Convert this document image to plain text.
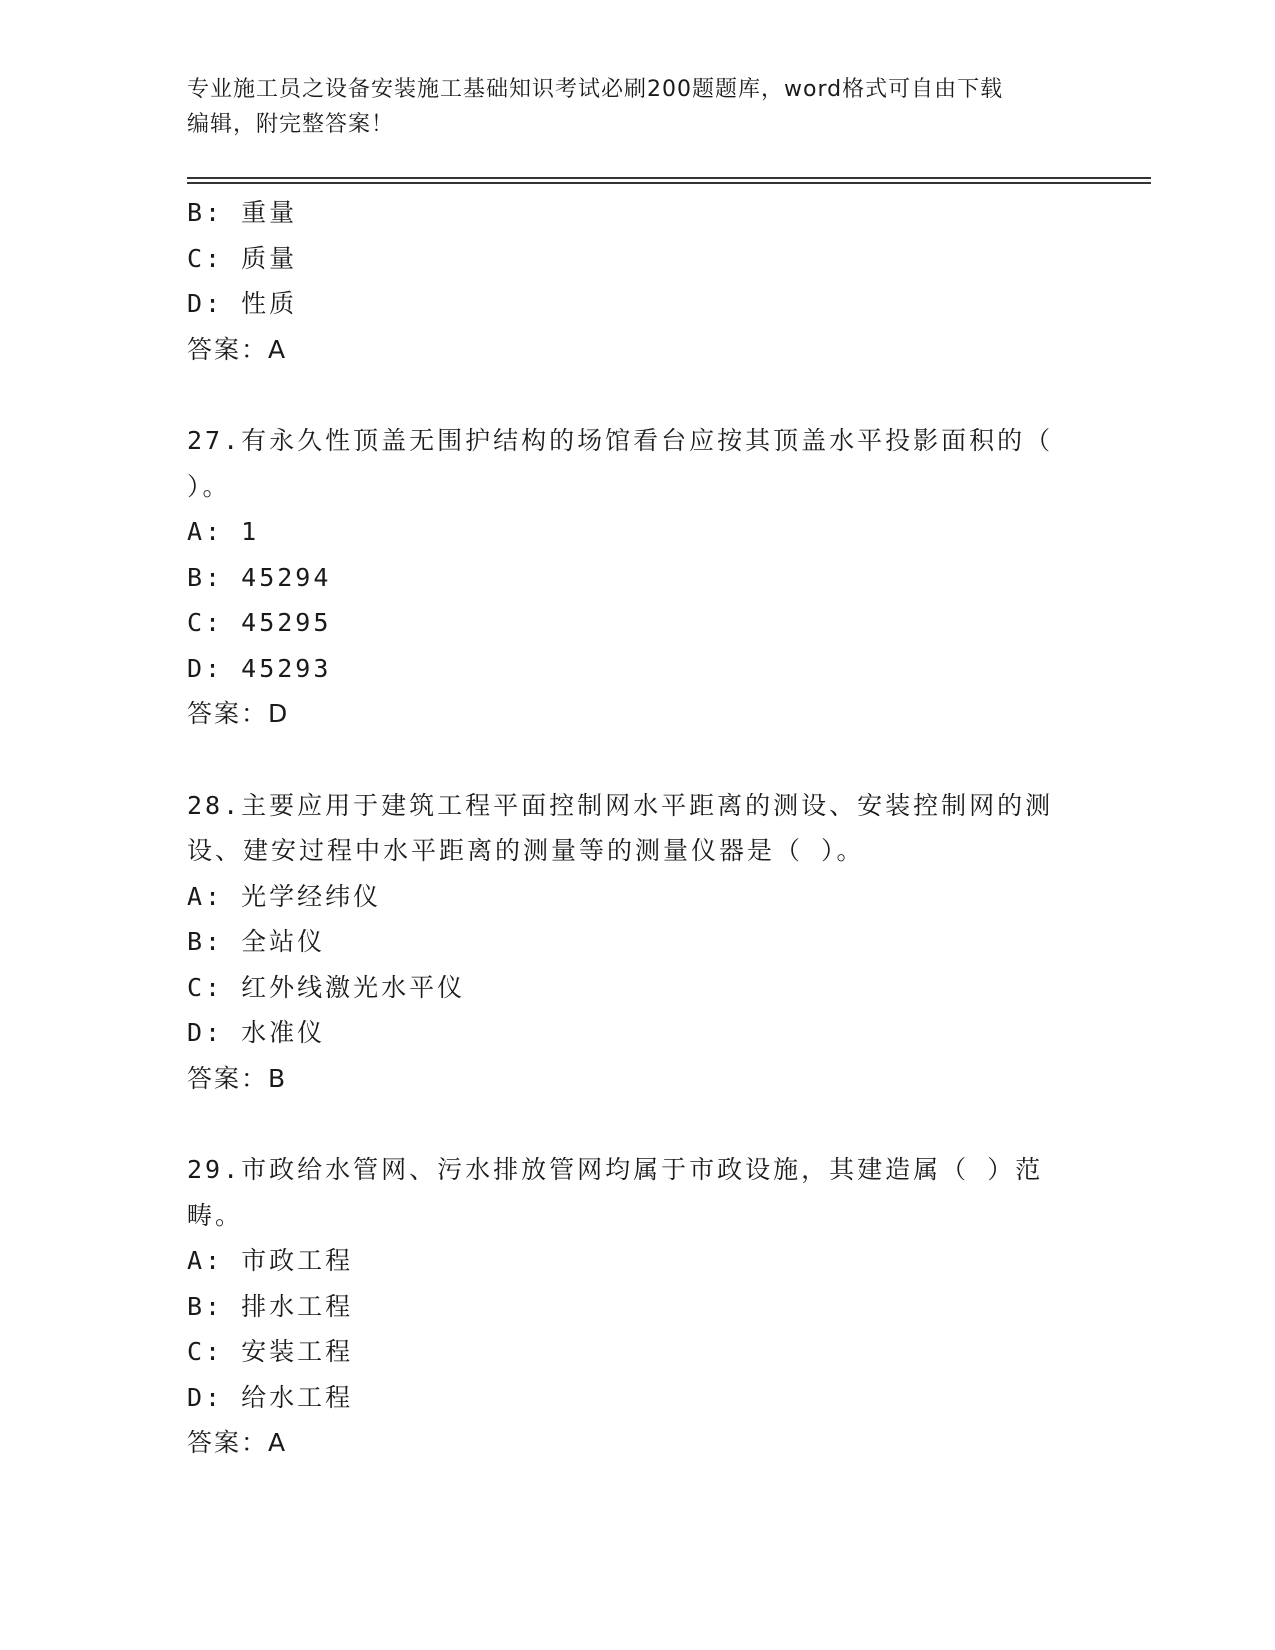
专业施工员之设备安装施工基础知识考试必刷200题题库，word格式可自由下载
编辑，附完整答案！
B: 重量
C: 质量
D: 性质
答案：A
27.有永久性顶盖无围护结构的场馆看台应按其顶盖水平投影面积的（
）。
A: 1
B: 45294
C: 45295
D: 45293
答案：D
28.主要应用于建筑工程平面控制网水平距离的测设、安装控制网的测
设、建安过程中水平距离的测量等的测量仪器是（ ）。
A: 光学经纬仪
B: 全站仪
C: 红外线激光水平仪
D: 水准仪
答案：B
29.市政给水管网、污水排放管网均属于市政设施，其建造属（ ）范
畴。
A: 市政工程
B: 排水工程
C: 安装工程
D: 给水工程
答案：A
